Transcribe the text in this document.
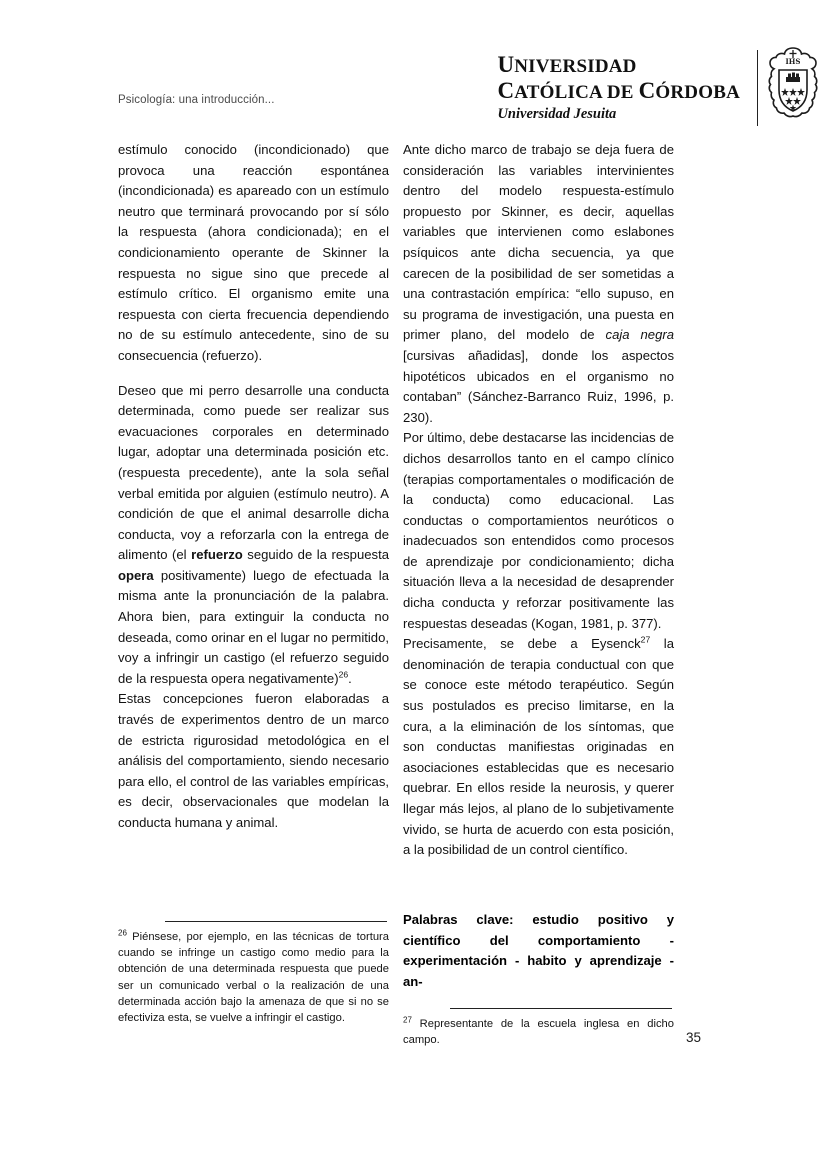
Psicología: una introducción...
UNIVERSIDAD
CATÓLICA DE CÓRDOBA
Universidad Jesuita
IHS

estímulo conocido (incondicionado) que provoca una reacción espontánea (incondicionada) es apareado con un estímulo neutro que terminará provocando por sí sólo la respuesta (ahora condicionada); en el condicionamiento operante de Skinner la respuesta no sigue sino que precede al estímulo crítico. El organismo emite una respuesta con cierta frecuencia dependiendo no de su estímulo antecedente, sino de su consecuencia (refuerzo).

Deseo que mi perro desarrolle una conducta determinada, como puede ser realizar sus evacuaciones corporales en determinado lugar, adoptar una determinada posición etc. (respuesta precedente), ante la sola señal verbal emitida por alguien (estímulo neutro). A condición de que el animal desarrolle dicha conducta, voy a reforzarla con la entrega de alimento (el refuerzo seguido de la respuesta opera positivamente) luego de efectuada la misma ante la pronunciación de la palabra. Ahora bien, para extinguir la conducta no deseada, como orinar en el lugar no permitido, voy a infringir un castigo (el refuerzo seguido de la respuesta opera negativamente)$^{26}$.

Estas concepciones fueron elaboradas a través de experimentos dentro de un marco de estricta rigurosidad metodológica en el análisis del comportamiento, siendo necesario para ello, el control de las variables empíricas, es decir, observacionales que modelan la conducta humana y animal.

Ante dicho marco de trabajo se deja fuera de consideración las variables intervinientes dentro del modelo respuesta-estímulo propuesto por Skinner, es decir, aquellas variables que intervienen como eslabones psíquicos ante dicha secuencia, ya que carecen de la posibilidad de ser sometidas a una contrastación empírica: “ello supuso, en su programa de investigación, una puesta en primer plano, del modelo de caja negra [cursivas añadidas], donde los aspectos hipotéticos ubicados en el organismo no contaban” (Sánchez-Barranco Ruiz, 1996, p. 230).

Por último, debe destacarse las incidencias de dichos desarrollos tanto en el campo clínico (terapias comportamentales o modificación de la conducta) como educacional. Las conductas o comportamientos neuróticos o inadecuados son entendidos como procesos de aprendizaje por condicionamiento; dicha situación lleva a la necesidad de desaprender dicha conducta y reforzar positivamente las respuestas deseadas (Kogan, 1981, p. 377).

Precisamente, se debe a Eysenck$^{27}$ la denominación de terapia conductual con que se conoce este método terapéutico. Según sus postulados es preciso limitarse, en la cura, a la eliminación de los síntomas, que son conductas manifiestas originadas en asociaciones establecidas que es necesario quebrar. En ellos reside la neurosis, y querer llegar más lejos, al plano de lo subjetivamente vivido, se hurta de acuerdo con esta posición, a la posibilidad de un control científico.

Palabras clave: estudio positivo y científico del comportamiento - experimentación - habito y aprendizaje - an-

$^{26}$ Piénsese, por ejemplo, en las técnicas de tortura cuando se infringe un castigo como medio para la obtención de una determinada respuesta que puede ser un comunicado verbal o la realización de una determinada acción bajo la amenaza de que si no se efectiviza esta, se vuelve a infringir el castigo.	$^{27}$ Representante de la escuela inglesa en dicho campo.	35
